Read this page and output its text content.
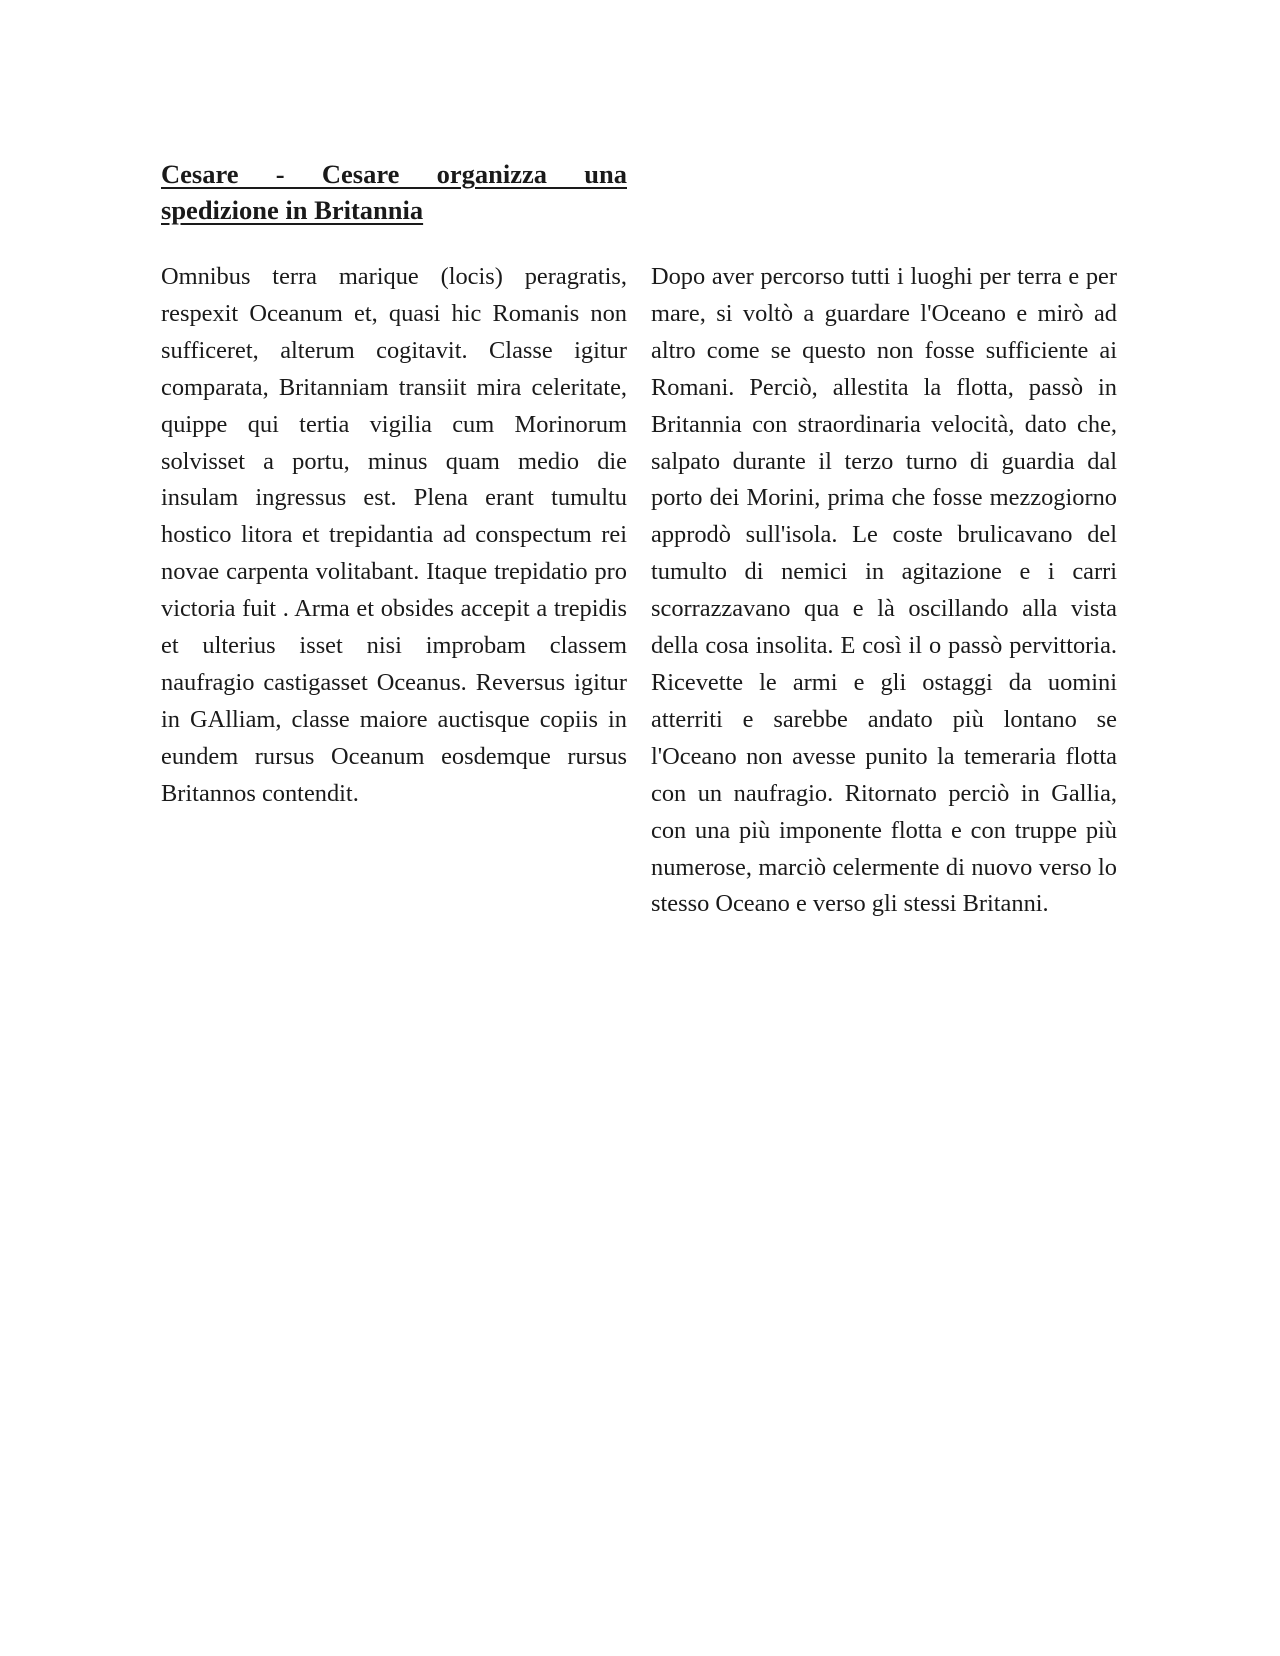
Cesare - Cesare organizza una spedizione in Britannia

Omnibus terra marique (locis) peragratis, respexit Oceanum et, quasi hic Romanis non sufficeret, alterum cogitavit. Classe igitur comparata, Britanniam transiit mira celeritate, quippe qui tertia vigilia cum Morinorum solvisset a portu, minus quam medio die insulam ingressus est. Plena erant tumultu hostico litora et trepidantia ad conspectum rei novae carpenta volitabant. Itaque trepidatio pro victoria fuit . Arma et obsides accepit a trepidis et ulterius isset nisi improbam classem naufragio castigasset Oceanus. Reversus igitur in GAlliam, classe maiore auctisque copiis in eundem rursus Oceanum eosdemque rursus Britannos contendit.

Dopo aver percorso tutti i luoghi per terra e per mare, si voltò a guardare l'Oceano e mirò ad altro come se questo non fosse sufficiente ai Romani. Perciò, allestita la flotta, passò in Britannia con straordinaria velocità, dato che, salpato durante il terzo turno di guardia dal porto dei Morini, prima che fosse mezzogiorno approdò sull'isola. Le coste brulicavano del tumulto di nemici in agitazione e i carri scorrazzavano qua e là oscillando alla vista della cosa insolita. E così il o passò pervittoria. Ricevette le armi e gli ostaggi da uomini atterriti e sarebbe andato più lontano se l'Oceano non avesse punito la temeraria flotta con un naufragio. Ritornato perciò in Gallia, con una più imponente flotta e con truppe più numerose, marciò celermente di nuovo verso lo stesso Oceano e verso gli stessi Britanni.
